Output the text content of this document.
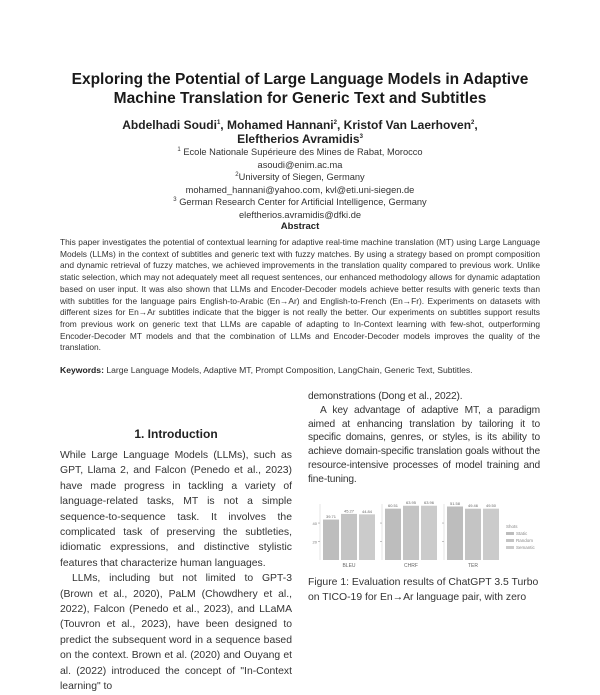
Exploring the Potential of Large Language Models in Adaptive Machine Translation for Generic Text and Subtitles
Abdelhadi Soudi$^1$, Mohamed Hannani$^2$, Kristof Van Laerhoven$^2$,
Eleftherios Avramidis$^3$
$^1$ Ecole Nationale Supérieure des Mines de Rabat, Morocco
asoudi@enim.ac.ma
$^2$University of Siegen, Germany
mohamed_hannani@yahoo.com, kvl@eti.uni-siegen.de
$^3$ German Research Center for Artificial Intelligence, Germany
eleftherios.avramidis@dfki.de
Abstract
This paper investigates the potential of contextual learning for adaptive real-time machine translation (MT) using Large Language Models (LLMs) in the context of subtitles and generic text with fuzzy matches. By using a strategy based on prompt composition and dynamic retrieval of fuzzy matches, we achieved improvements in the translation quality compared to previous work. Unlike static selection, which may not adequately meet all request sentences, our enhanced methodology allows for dynamic adaptation based on user input. It was also shown that LLMs and Encoder-Decoder models achieve better results with generic texts than with subtitles for the language pairs English-to-Arabic (En→Ar) and English-to-French (En→Fr). Experiments on datasets with different sizes for En→Ar subtitles indicate that the bigger is not really the better. Our experiments on subtitles support results from previous work on generic text that LLMs are capable of adapting to In-Context learning with few-shot, outperforming Encoder-Decoder MT models and that the combination of LLMs and Encoder-Decoder models improves the quality of the translation.
Keywords: Large Language Models, Adaptive MT, Prompt Composition, LangChain, Generic Text, Subtitles.
1. Introduction

While Large Language Models (LLMs), such as GPT, Llama 2, and Falcon (Penedo et al., 2023) have made progress in tackling a variety of language-related tasks, MT is not a simple sequence-to-sequence task. It involves the complicated task of preserving the subtleties, idiomatic expressions, and distinctive stylistic features that characterize human languages.

LLMs, including but not limited to GPT-3 (Brown et al., 2020), PaLM (Chowdhery et al., 2022), Falcon (Penedo et al., 2023), and LLaMA (Touvron et al., 2023), have been designed to predict the subsequent word in a sequence based on the context. Brown et al. (2020) and Ouyang et al. (2022) introduced the concept of "In-Context learning" to

demonstrations (Dong et al., 2022).

A key advantage of adaptive MT, a paradigm aimed at enhancing translation by tailoring it to specific domains, genres, or styles, is its ability to achieve domain-specific translation goals without the resource-intensive processes of model training and fine-tuning.

20
40
39.71
45.27 44.84
BLEU
60.51
63.95 63.96
CHRF
51.58 49.46 49.50
TER
Shots
Static
Random
Semantic
Figure 1: Evaluation results of ChatGPT 3.5 Turbo on TICO-19 for En→Ar language pair, with zero
